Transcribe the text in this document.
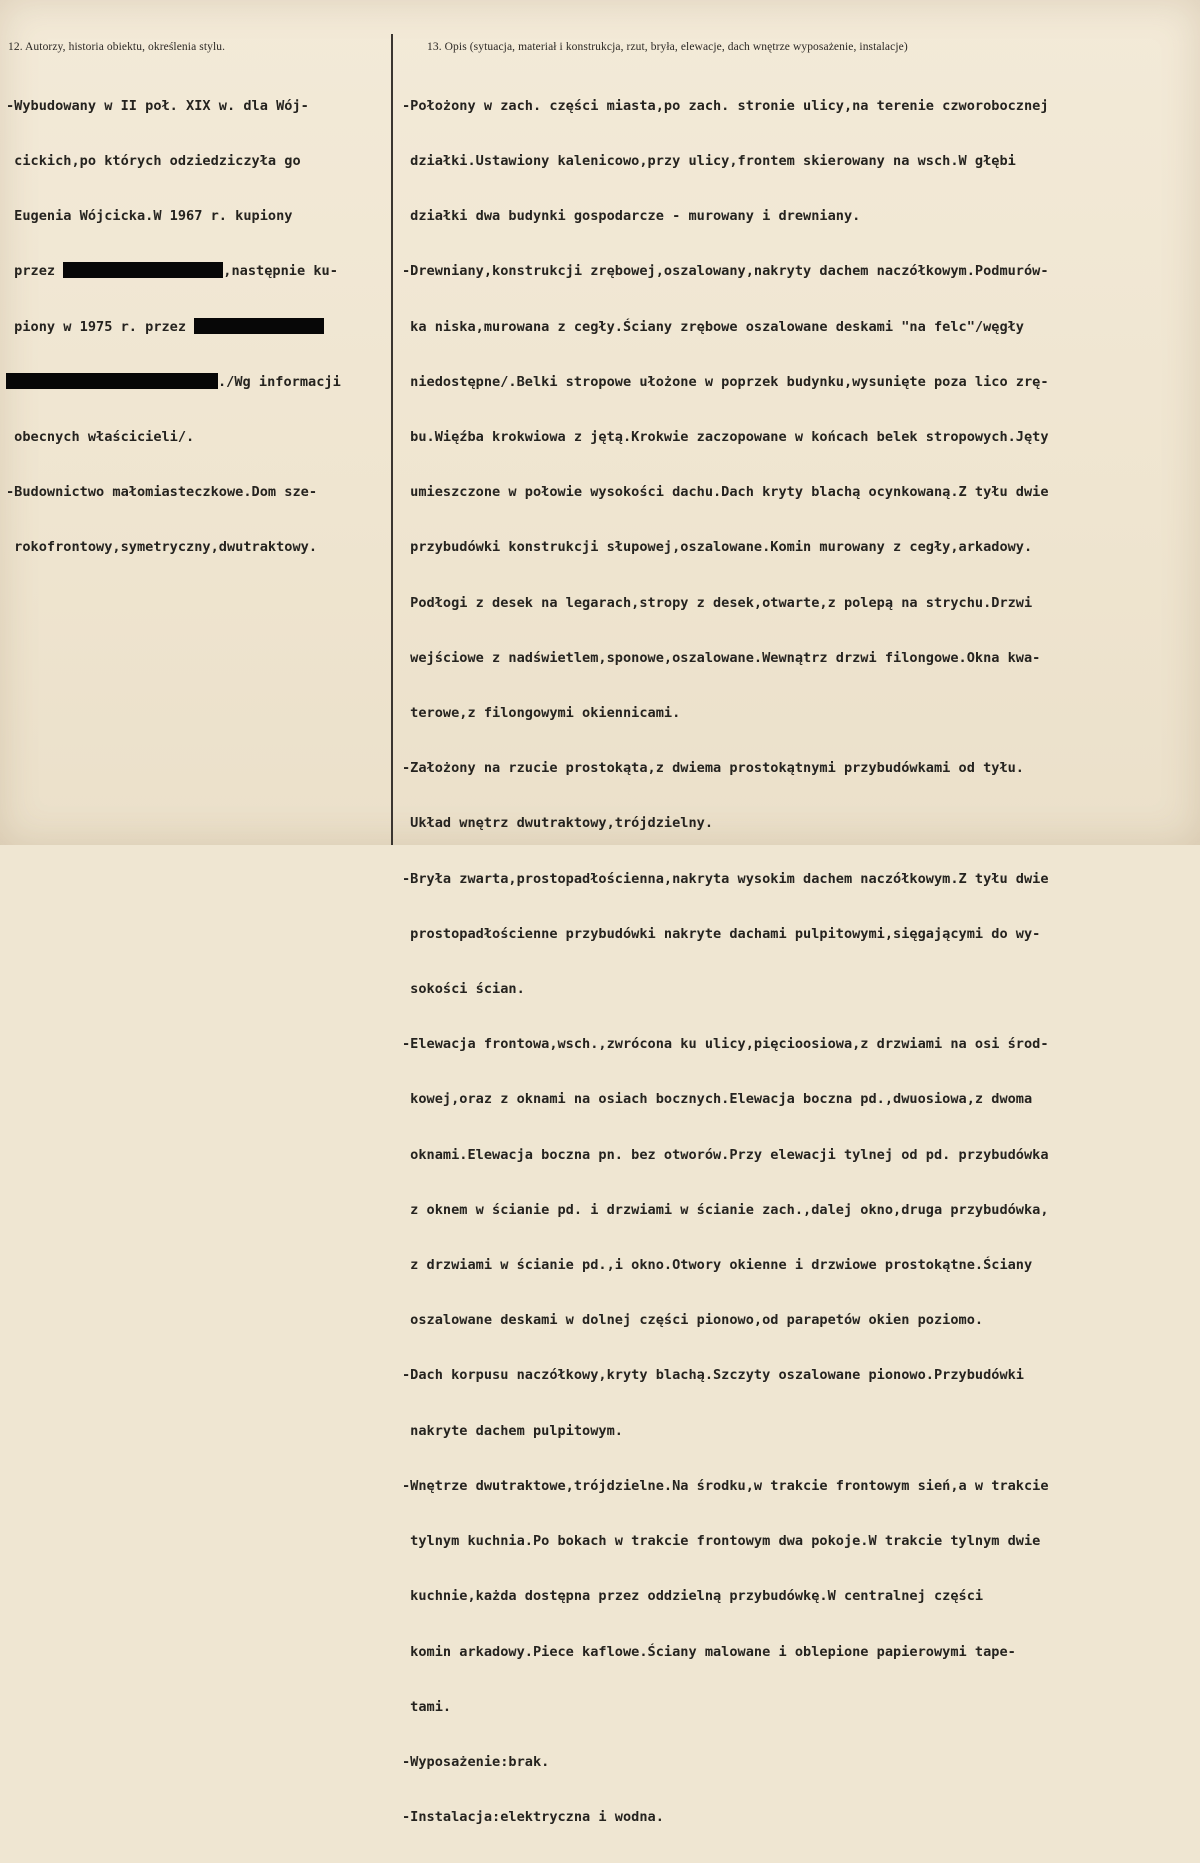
12. Autorzy, historia obiektu, określenia stylu.	13. Opis (sytuacja, materiał i konstrukcja, rzut, bryła, elewacje, dach wnętrze wyposażenie, instalacje)

-Wybudowany w II poł. XIX w. dla Wój-

cickich,po których odziedziczyła go

Eugenia Wójcicka.W 1967 r. kupiony

przez	,następnie ku-

piony w 1975 r. przez

./Wg informacji

obecnych właścicieli/.

-Budownictwo małomiasteczkowe.Dom sze-

rokofrontowy,symetryczny,dwutraktowy.

-Położony w zach. części miasta,po zach. stronie ulicy,na terenie czworobocznej

działki.Ustawiony kalenicowo,przy ulicy,frontem skierowany na wsch.W głębi

działki dwa budynki gospodarcze - murowany i drewniany.

-Drewniany,konstrukcji zrębowej,oszalowany,nakryty dachem naczółkowym.Podmurów-

ka niska,murowana z cegły.Ściany zrębowe oszalowane deskami "na felc"/węgły

niedostępne/.Belki stropowe ułożone w poprzek budynku,wysunięte poza lico zrę-

bu.Więźba krokwiowa z jętą.Krokwie zaczopowane w końcach belek stropowych.Jęty

umieszczone w połowie wysokości dachu.Dach kryty blachą ocynkowaną.Z tyłu dwie

przybudówki konstrukcji słupowej,oszalowane.Komin murowany z cegły,arkadowy.

Podłogi z desek na legarach,stropy z desek,otwarte,z polepą na strychu.Drzwi

wejściowe z nadświetlem,sponowe,oszalowane.Wewnątrz drzwi filongowe.Okna kwa-

terowe,z filongowymi okiennicami.

-Założony na rzucie prostokąta,z dwiema prostokątnymi przybudówkami od tyłu.

Układ wnętrz dwutraktowy,trójdzielny.

-Bryła zwarta,prostopadłościenna,nakryta wysokim dachem naczółkowym.Z tyłu dwie

prostopadłościenne przybudówki nakryte dachami pulpitowymi,sięgającymi do wy-

sokości ścian.

-Elewacja frontowa,wsch.,zwrócona ku ulicy,pięcioosiowa,z drzwiami na osi środ-

kowej,oraz z oknami na osiach bocznych.Elewacja boczna pd.,dwuosiowa,z dwoma

oknami.Elewacja boczna pn. bez otworów.Przy elewacji tylnej od pd. przybudówka

z oknem w ścianie pd. i drzwiami w ścianie zach.,dalej okno,druga przybudówka,

z drzwiami w ścianie pd.,i okno.Otwory okienne i drzwiowe prostokątne.Ściany

oszalowane deskami w dolnej części pionowo,od parapetów okien poziomo.

-Dach korpusu naczółkowy,kryty blachą.Szczyty oszalowane pionowo.Przybudówki

nakryte dachem pulpitowym.

-Wnętrze dwutraktowe,trójdzielne.Na środku,w trakcie frontowym sień,a w trakcie

tylnym kuchnia.Po bokach w trakcie frontowym dwa pokoje.W trakcie tylnym dwie

kuchnie,każda dostępna przez oddzielną przybudówkę.W centralnej części

komin arkadowy.Piece kaflowe.Ściany malowane i oblepione papierowymi tape-

tami.

-Wyposażenie:brak.

-Instalacja:elektryczna i wodna.
